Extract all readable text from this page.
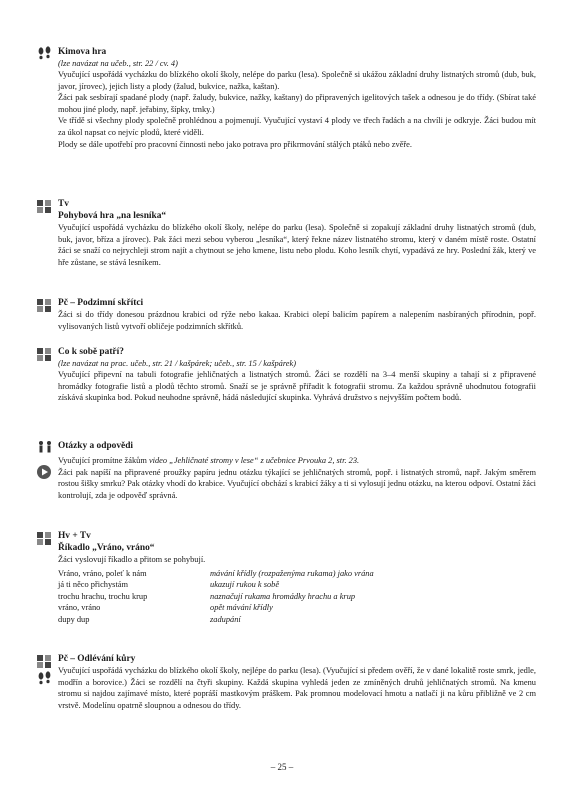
Kimova hra
(lze navázat na učeb., str. 22 / cv. 4)
Vyučující uspořádá vycházku do blízkého okolí školy, nelépe do parku (lesa). Společně si ukážou základní druhy listnatých stromů (dub, buk, javor, jírovec), jejich listy a plody (žalud, bukvice, nažka, kaštan).
Žáci pak sesbírají spadané plody (např. žaludy, bukvice, nažky, kaštany) do připravených igelitových tašek a odnesou je do třídy. (Sbírat také mohou jiné plody, např. jeřabiny, šípky, trnky.)
Ve třídě si všechny plody společně prohlédnou a pojmenují. Vyučující vystaví 4 plody ve třech řadách a na chvíli je odkryje. Žáci budou mít za úkol napsat co nejvíc plodů, které viděli.
Plody se dále upotřebí pro pracovní činnosti nebo jako potrava pro přikrmování stálých ptáků nebo zvěře.
Tv
Pohybová hra „na lesníka“
Vyučující uspořádá vycházku do blízkého okolí školy, nelépe do parku (lesa). Společně si zopakují základní druhy listnatých stromů (dub, buk, javor, bříza a jírovec). Pak žáci mezi sebou vyberou „lesníka“, který řekne název listnatého stromu, který v daném místě roste. Ostatní žáci se snaží co nejrychleji strom najít a chytnout se jeho kmene, listu nebo plodu. Koho lesník chytí, vypadává ze hry. Poslední žák, který ve hře zůstane, se stává lesníkem.
Pč – Podzimní skřítci
Žáci si do třídy donesou prázdnou krabici od rýže nebo kakaa. Krabici olepí balicím papírem a nalepením nasbíraných přírodnin, popř. vylisovaných listů vytvoří obličeje podzimních skřítků.
Co k sobě patří?
(lze navázat na prac. učeb., str. 21 / kašpárek; učeb., str. 15 / kašpárek)
Vyučující připevní na tabuli fotografie jehličnatých a listnatých stromů. Žáci se rozdělí na 3–4 menší skupiny a tahají si z připravené hromádky fotografie listů a plodů těchto stromů. Snaží se je správně přiřadit k fotografii stromu. Za každou správně uhodnutou fotografii získává skupinka bod. Pokud neuhodne správně, hádá následující skupinka. Vyhrává družstvo s nejvyšším počtem bodů.
Otázky a odpovědi
Vyučující promítne žákům video „Jehličnaté stromy v lese“ z učebnice Prvouka 2, str. 23.
Žáci pak napíší na připravené proužky papíru jednu otázku týkající se jehličnatých stromů, popř. i listnatých stromů, např. Jakým směrem rostou šišky smrku? Pak otázky vhodí do krabice. Vyučující obchází s krabicí žáky a ti si vylosují jednu otázku, na kterou odpoví. Ostatní žáci kontrolují, zda je odpověď správná.
Hv + Tv
Říkadlo „Vráno, vráno“
Žáci vyslovují říkadlo a přitom se pohybují.
Vráno, vráno, poleť k nám	mávání křídly (rozpaženýma rukama) jako vrána
já ti něco přichystám	ukazují rukou k sobě
trochu hrachu, trochu krup	naznačují rukama hromádky hrachu a krup
vráno, vráno	opět mávání křídly
dupy dup	zadupání
Pč – Odlévání kůry
Vyučující uspořádá vycházku do blízkého okolí školy, nejlépe do parku (lesa). (Vyučující si předem ověří, že v dané lokalitě roste smrk, jedle, modřín a borovice.) Žáci se rozdělí na čtyři skupiny. Každá skupina vyhledá jeden ze zmíněných druhů jehličnatých stromů. Na kmenu stromu si najdou zajímavé místo, které popráší mastkovým práškem. Pak promnou modelovací hmotu a natlačí ji na kůru přibližně ve 2 cm vrstvě. Modelínu opatrně sloupnou a odnesou do třídy.
– 25 –
